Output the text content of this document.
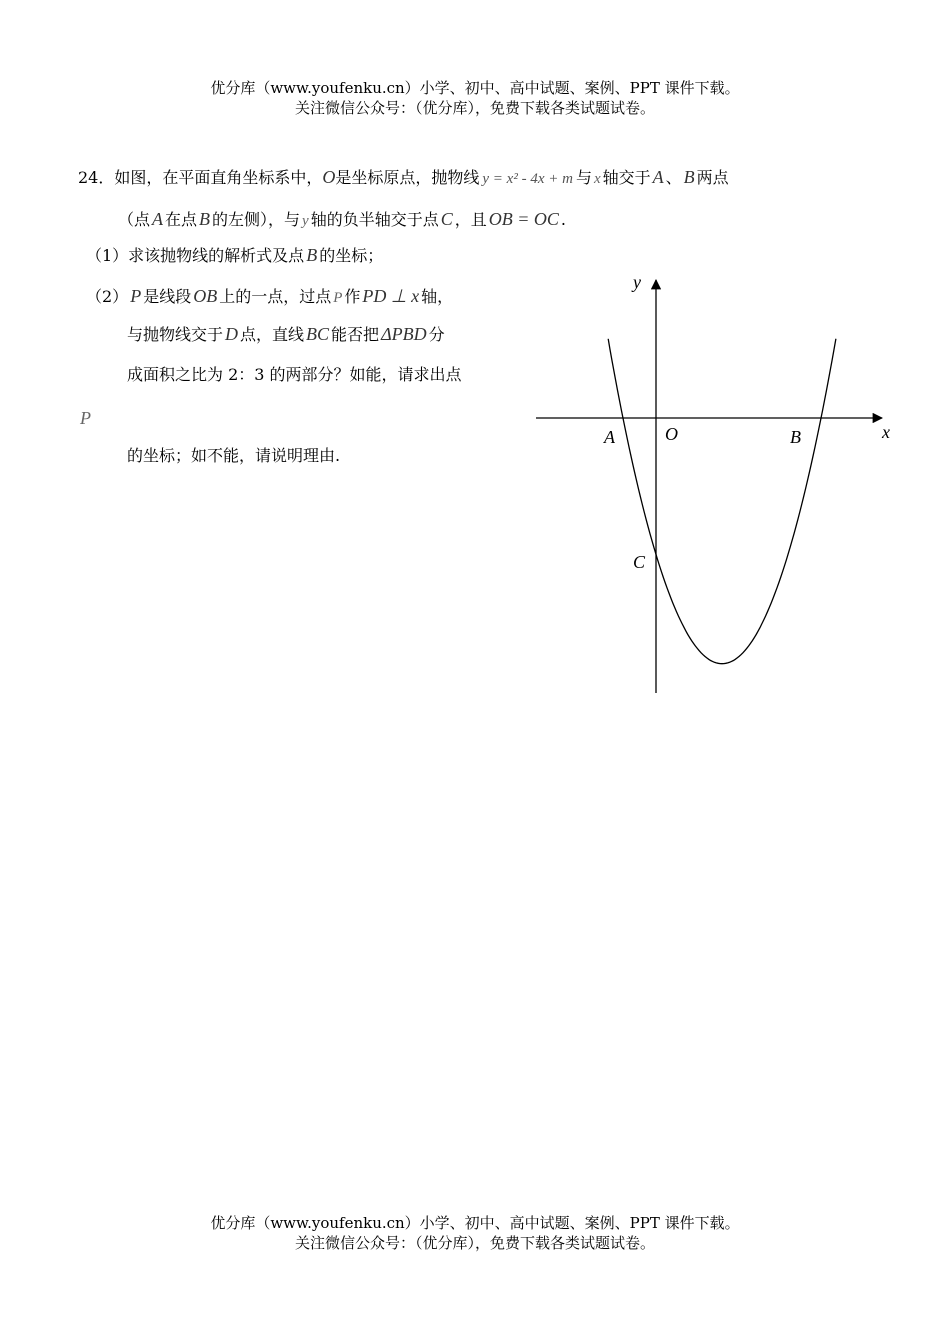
优分库（www.youfenku.cn）小学、初中、高中试题、案例、PPT 课件下载。
关注微信公众号：（优分库），免费下载各类试题试卷。
24．如图，在平面直角坐标系中，O是坐标原点，抛物线 y = x² - 4x + m 与 x 轴交于 A 、 B 两点
（点 A 在点 B 的左侧），与 y 轴的负半轴交于点 C ，且 OB = OC .
（1）求该抛物线的解析式及点 B 的坐标；
（2） P 是线段 OB 上的一点，过点 P 作 PD ⊥ x 轴，
与抛物线交于 D 点，直线 BC 能否把 ΔPBD 分
成面积之比为 2：3 的两部分？如能，请求出点
P
的坐标；如不能，请说明理由.
y
x
O
A	B
C
优分库（www.youfenku.cn）小学、初中、高中试题、案例、PPT 课件下载。
关注微信公众号：（优分库），免费下载各类试题试卷。
